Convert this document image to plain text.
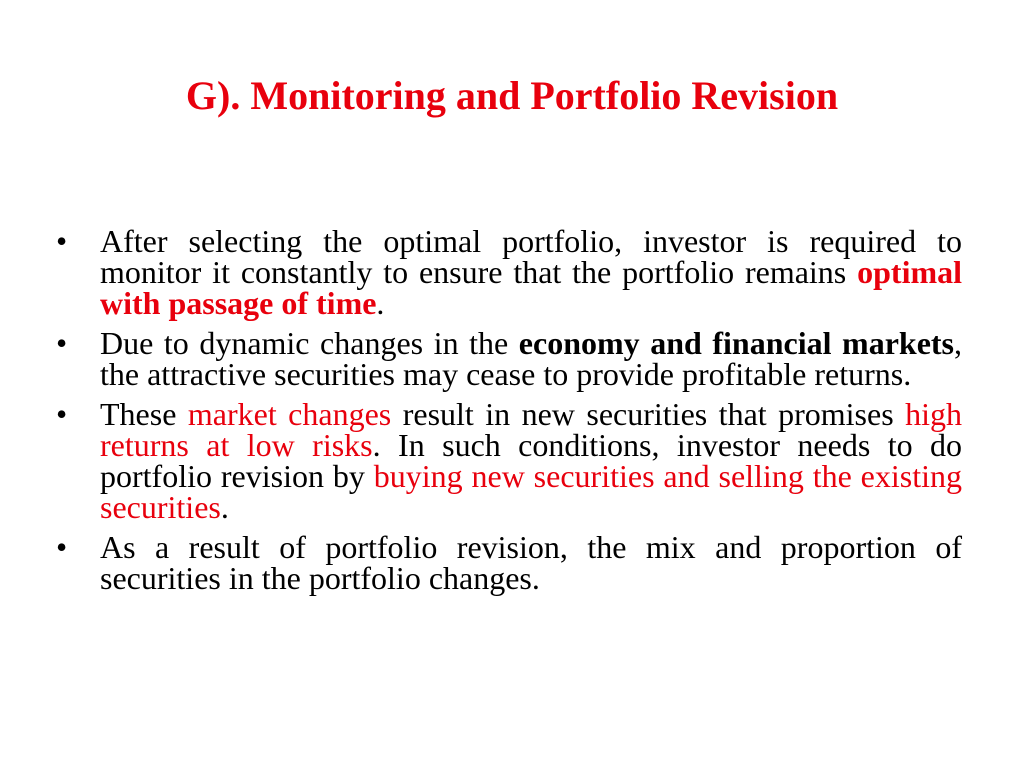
G). Monitoring and Portfolio Revision
• After selecting the optimal portfolio, investor is required to monitor it constantly to ensure that the portfolio remains optimal with passage of time.
• Due to dynamic changes in the economy and financial markets, the attractive securities may cease to provide profitable returns.
• These market changes result in new securities that promises high returns at low risks. In such conditions, investor needs to do portfolio revision by buying new securities and selling the existing securities.
• As a result of portfolio revision, the mix and proportion of securities in the portfolio changes.
